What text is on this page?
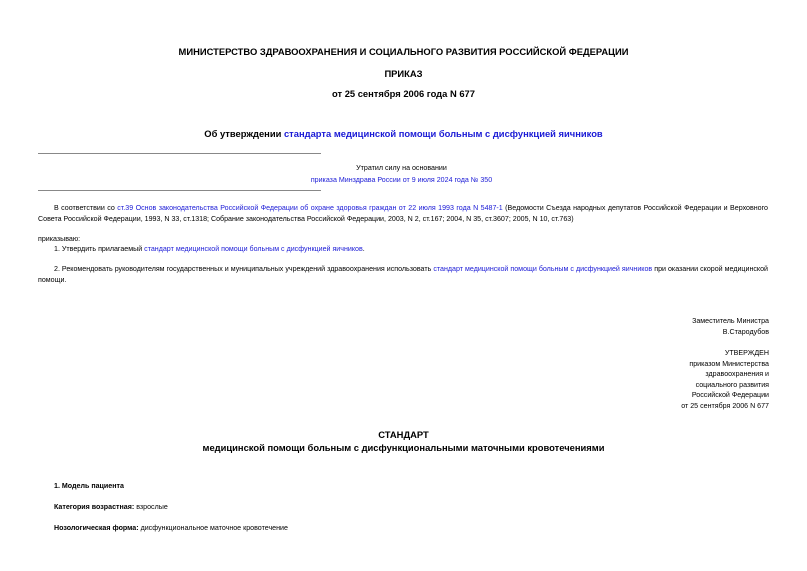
МИНИСТЕРСТВО ЗДРАВООХРАНЕНИЯ И СОЦИАЛЬНОГО РАЗВИТИЯ РОССИЙСКОЙ ФЕДЕРАЦИИ
ПРИКАЗ
от 25 сентября 2006 года N 677
Об утверждении стандарта медицинской помощи больным с дисфункцией яичников
Утратил силу на основании
приказа Минздрава России от 9 июля 2024 года № 350
В соответствии со ст.39 Основ законодательства Российской Федерации об охране здоровья граждан от 22 июля 1993 года N 5487-1 (Ведомости Съезда народных депутатов Российской Федерации и Верховного Совета Российской Федерации, 1993, N 33, ст.1318; Собрание законодательства Российской Федерации, 2003, N 2, ст.167; 2004, N 35, ст.3607; 2005, N 10, ст.763)
приказываю:
1. Утвердить прилагаемый стандарт медицинской помощи больным с дисфункцией яичников.
2. Рекомендовать руководителям государственных и муниципальных учреждений здравоохранения использовать стандарт медицинской помощи больным с дисфункцией яичников при оказании скорой медицинской помощи.
Заместитель Министра
В.Стародубов
УТВЕРЖДЕН
приказом Министерства
здравоохранения и
социального развития
Российской Федерации
от 25 сентября 2006 N 677
СТАНДАРТ
медицинской помощи больным с дисфункциональными маточными кровотечениями
1. Модель пациента
Категория возрастная: взрослые
Нозологическая форма: дисфункциональное маточное кровотечение
